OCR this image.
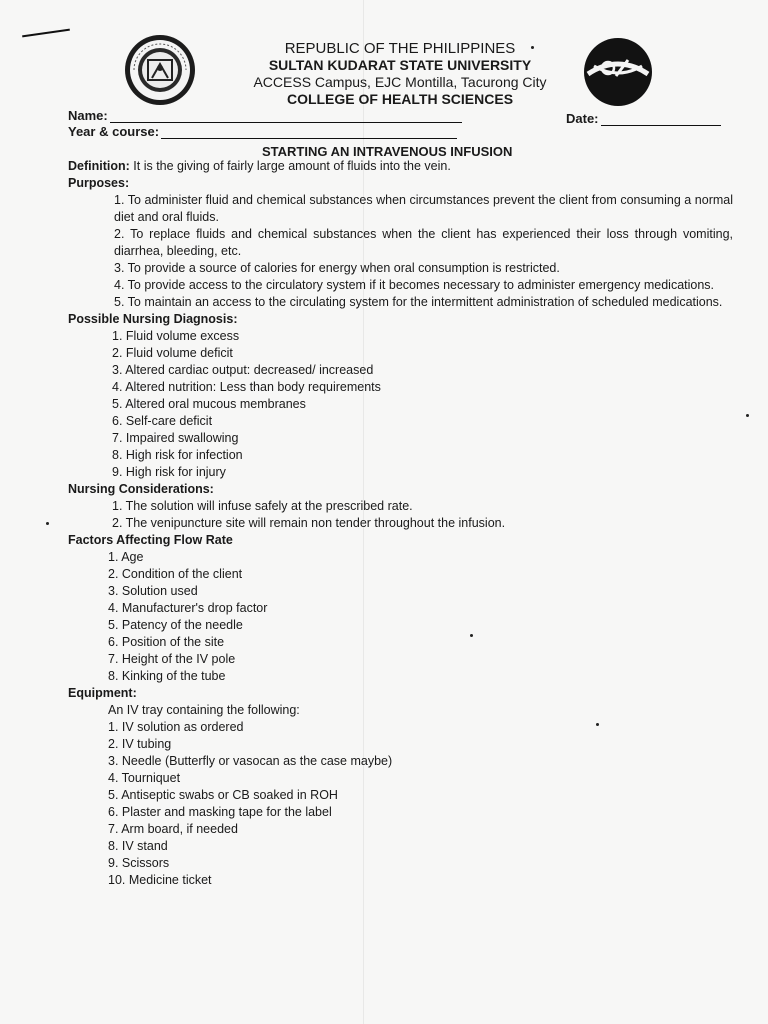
REPUBLIC OF THE PHILIPPINES
SULTAN KUDARAT STATE UNIVERSITY
ACCESS Campus, EJC Montilla, Tacurong City
COLLEGE OF HEALTH SCIENCES
Name:	Date:
Year & course:
STARTING AN INTRAVENOUS INFUSION

Definition: It is the giving of fairly large amount of fluids into the vein.

Purposes:

1. To administer fluid and chemical substances when circumstances prevent the client from consuming a normal diet and oral fluids.
2. To replace fluids and chemical substances when the client has experienced their loss through vomiting, diarrhea, bleeding, etc.
3. To provide a source of calories for energy when oral consumption is restricted.
4. To provide access to the circulatory system if it becomes necessary to administer emergency medications.
5. To maintain an access to the circulating system for the intermittent administration of scheduled medications.

Possible Nursing Diagnosis:

1. Fluid volume excess
2. Fluid volume deficit
3. Altered cardiac output: decreased/ increased
4. Altered nutrition: Less than body requirements
5. Altered oral mucous membranes
6. Self-care deficit
7. Impaired swallowing
8. High risk for infection
9. High risk for injury

Nursing Considerations:

1. The solution will infuse safely at the prescribed rate.
2. The venipuncture site will remain non tender throughout the infusion.

Factors Affecting Flow Rate

1. Age
2. Condition of the client
3. Solution used
4. Manufacturer's drop factor
5. Patency of the needle
6. Position of the site
7. Height of the IV pole
8. Kinking of the tube

Equipment:

An IV tray containing the following:

1. IV solution as ordered
2. IV tubing
3. Needle (Butterfly or vasocan as the case maybe)
4. Tourniquet
5. Antiseptic swabs or CB soaked in ROH
6. Plaster and masking tape for the label
7. Arm board, if needed
8. IV stand
9. Scissors
10. Medicine ticket
